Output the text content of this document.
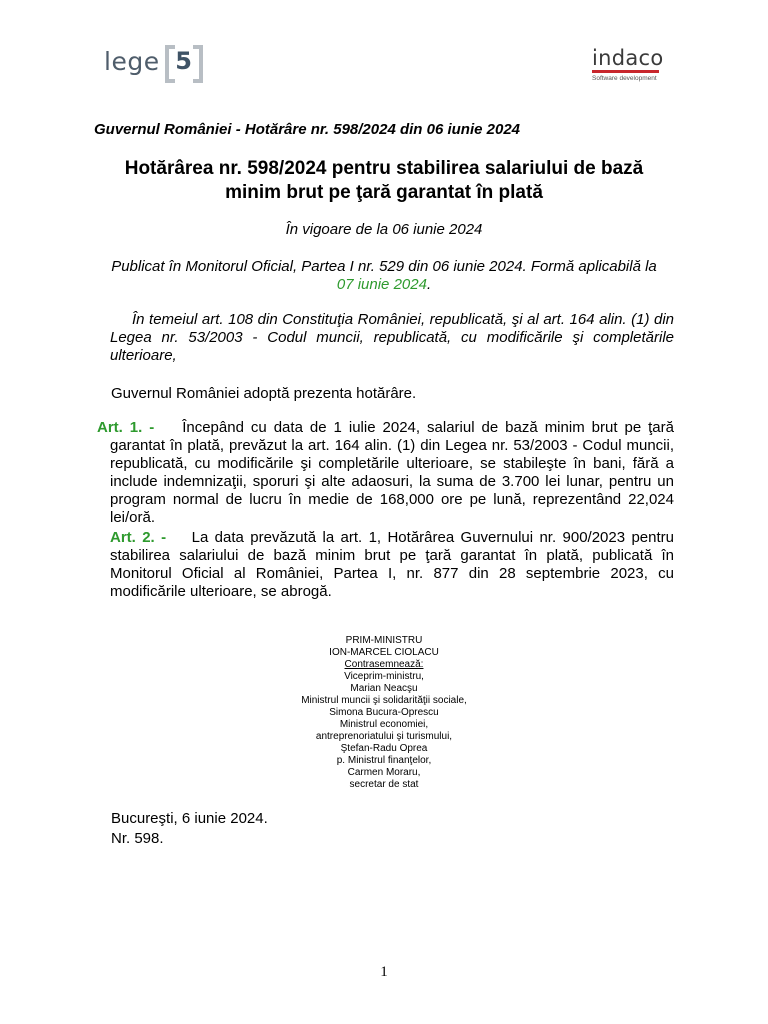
lege 5	indaco
Software development
Guvernul României - Hotărâre nr. 598/2024 din 06 iunie 2024
Hotărârea nr. 598/2024 pentru stabilirea salariului de bază
minim brut pe ţară garantat în plată
În vigoare de la 06 iunie 2024
Publicat în Monitorul Oficial, Partea I nr. 529 din 06 iunie 2024. Formă aplicabilă la 07 iunie 2024.
În temeiul art. 108 din Constituţia României, republicată, şi al art. 164 alin. (1) din Legea nr. 53/2003 - Codul muncii, republicată, cu modificările şi completările ulterioare,
Guvernul României adoptă prezenta hotărâre.
Art. 1. - Începând cu data de 1 iulie 2024, salariul de bază minim brut pe ţară garantat în plată, prevăzut la art. 164 alin. (1) din Legea nr. 53/2003 - Codul muncii, republicată, cu modificările şi completările ulterioare, se stabileşte în bani, fără a include indemnizaţii, sporuri şi alte adaosuri, la suma de 3.700 lei lunar, pentru un program normal de lucru în medie de 168,000 ore pe lună, reprezentând 22,024 lei/oră.
Art. 2. - La data prevăzută la art. 1, Hotărârea Guvernului nr. 900/2023 pentru stabilirea salariului de bază minim brut pe ţară garantat în plată, publicată în Monitorul Oficial al României, Partea I, nr. 877 din 28 septembrie 2023, cu modificările ulterioare, se abrogă.
PRIM-MINISTRU
ION-MARCEL CIOLACU
Contrasemnează:
Viceprim-ministru,
Marian Neacşu
Ministrul muncii şi solidarităţii sociale,
Simona Bucura-Oprescu
Ministrul economiei,
antreprenoriatului şi turismului,
Ştefan-Radu Oprea
p. Ministrul finanţelor,
Carmen Moraru,
secretar de stat
Bucureşti, 6 iunie 2024.
Nr. 598.
1
